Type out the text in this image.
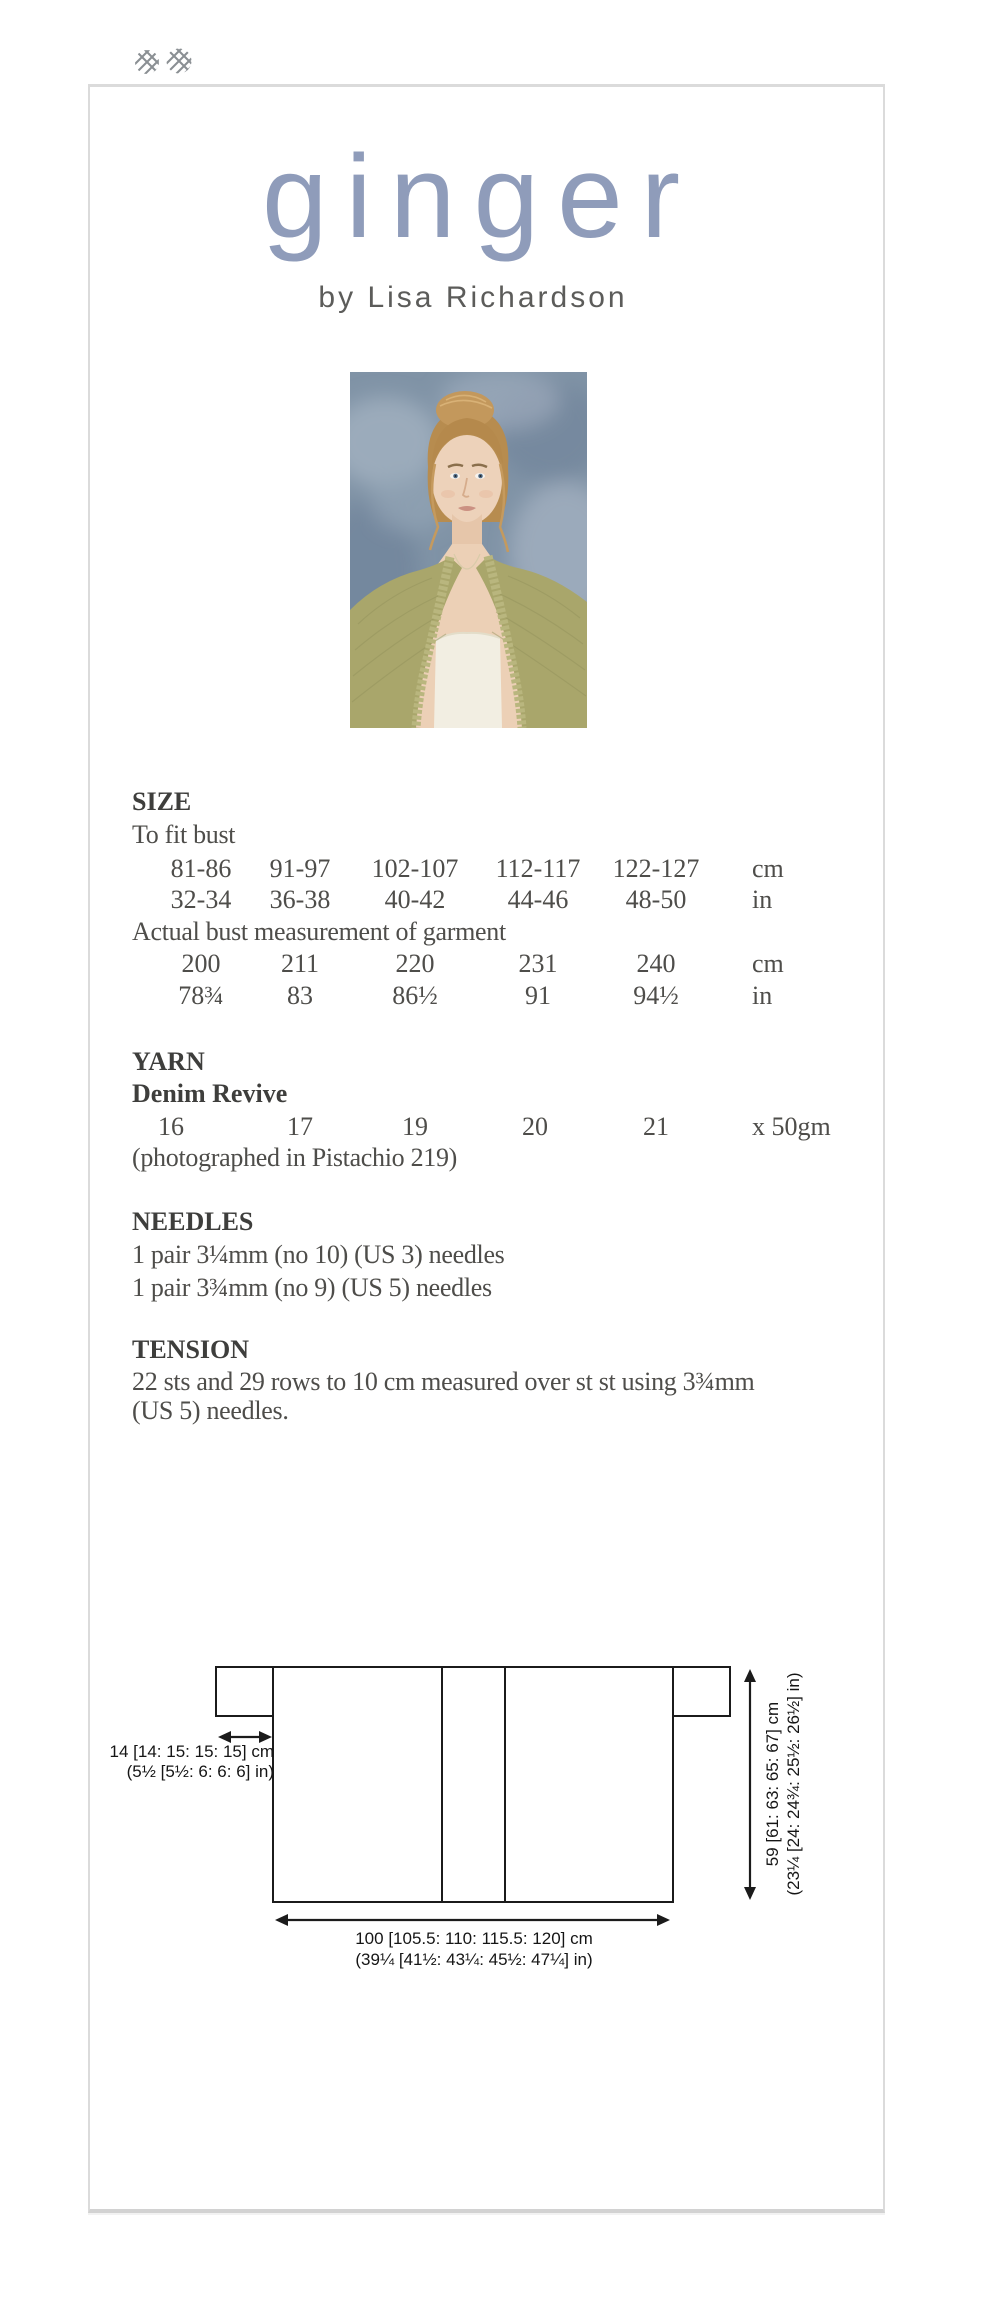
ginger
by Lisa Richardson
SIZE
To fit bust
81-86 91-97 102-107 112-117 122-127 cm
32-34 36-38 40-42 44-46 48-50	in
Actual bust measurement of garment
200 211	220	231	240	cm
78¾ 83	86½	91	94½	in
YARN
Denim Revive
16	17	19	20	21	x 50gm
(photographed in Pistachio 219)
NEEDLES
1 pair 3¼mm (no 10) (US 3) needles
1 pair 3¾mm (no 9) (US 5) needles
TENSION
22 sts and 29 rows to 10 cm measured over st st using 3¾mm
(US 5) needles.
14 [14: 15: 15: 15] cm
(5½ [5½: 6: 6: 6] in)	59 [61: 63: 65: 67] cm (23¼ [24: 24¾: 25½: 26½] in)
100 [105.5: 110: 115.5: 120] cm
(39¼ [41½: 43¼: 45½: 47¼] in)
